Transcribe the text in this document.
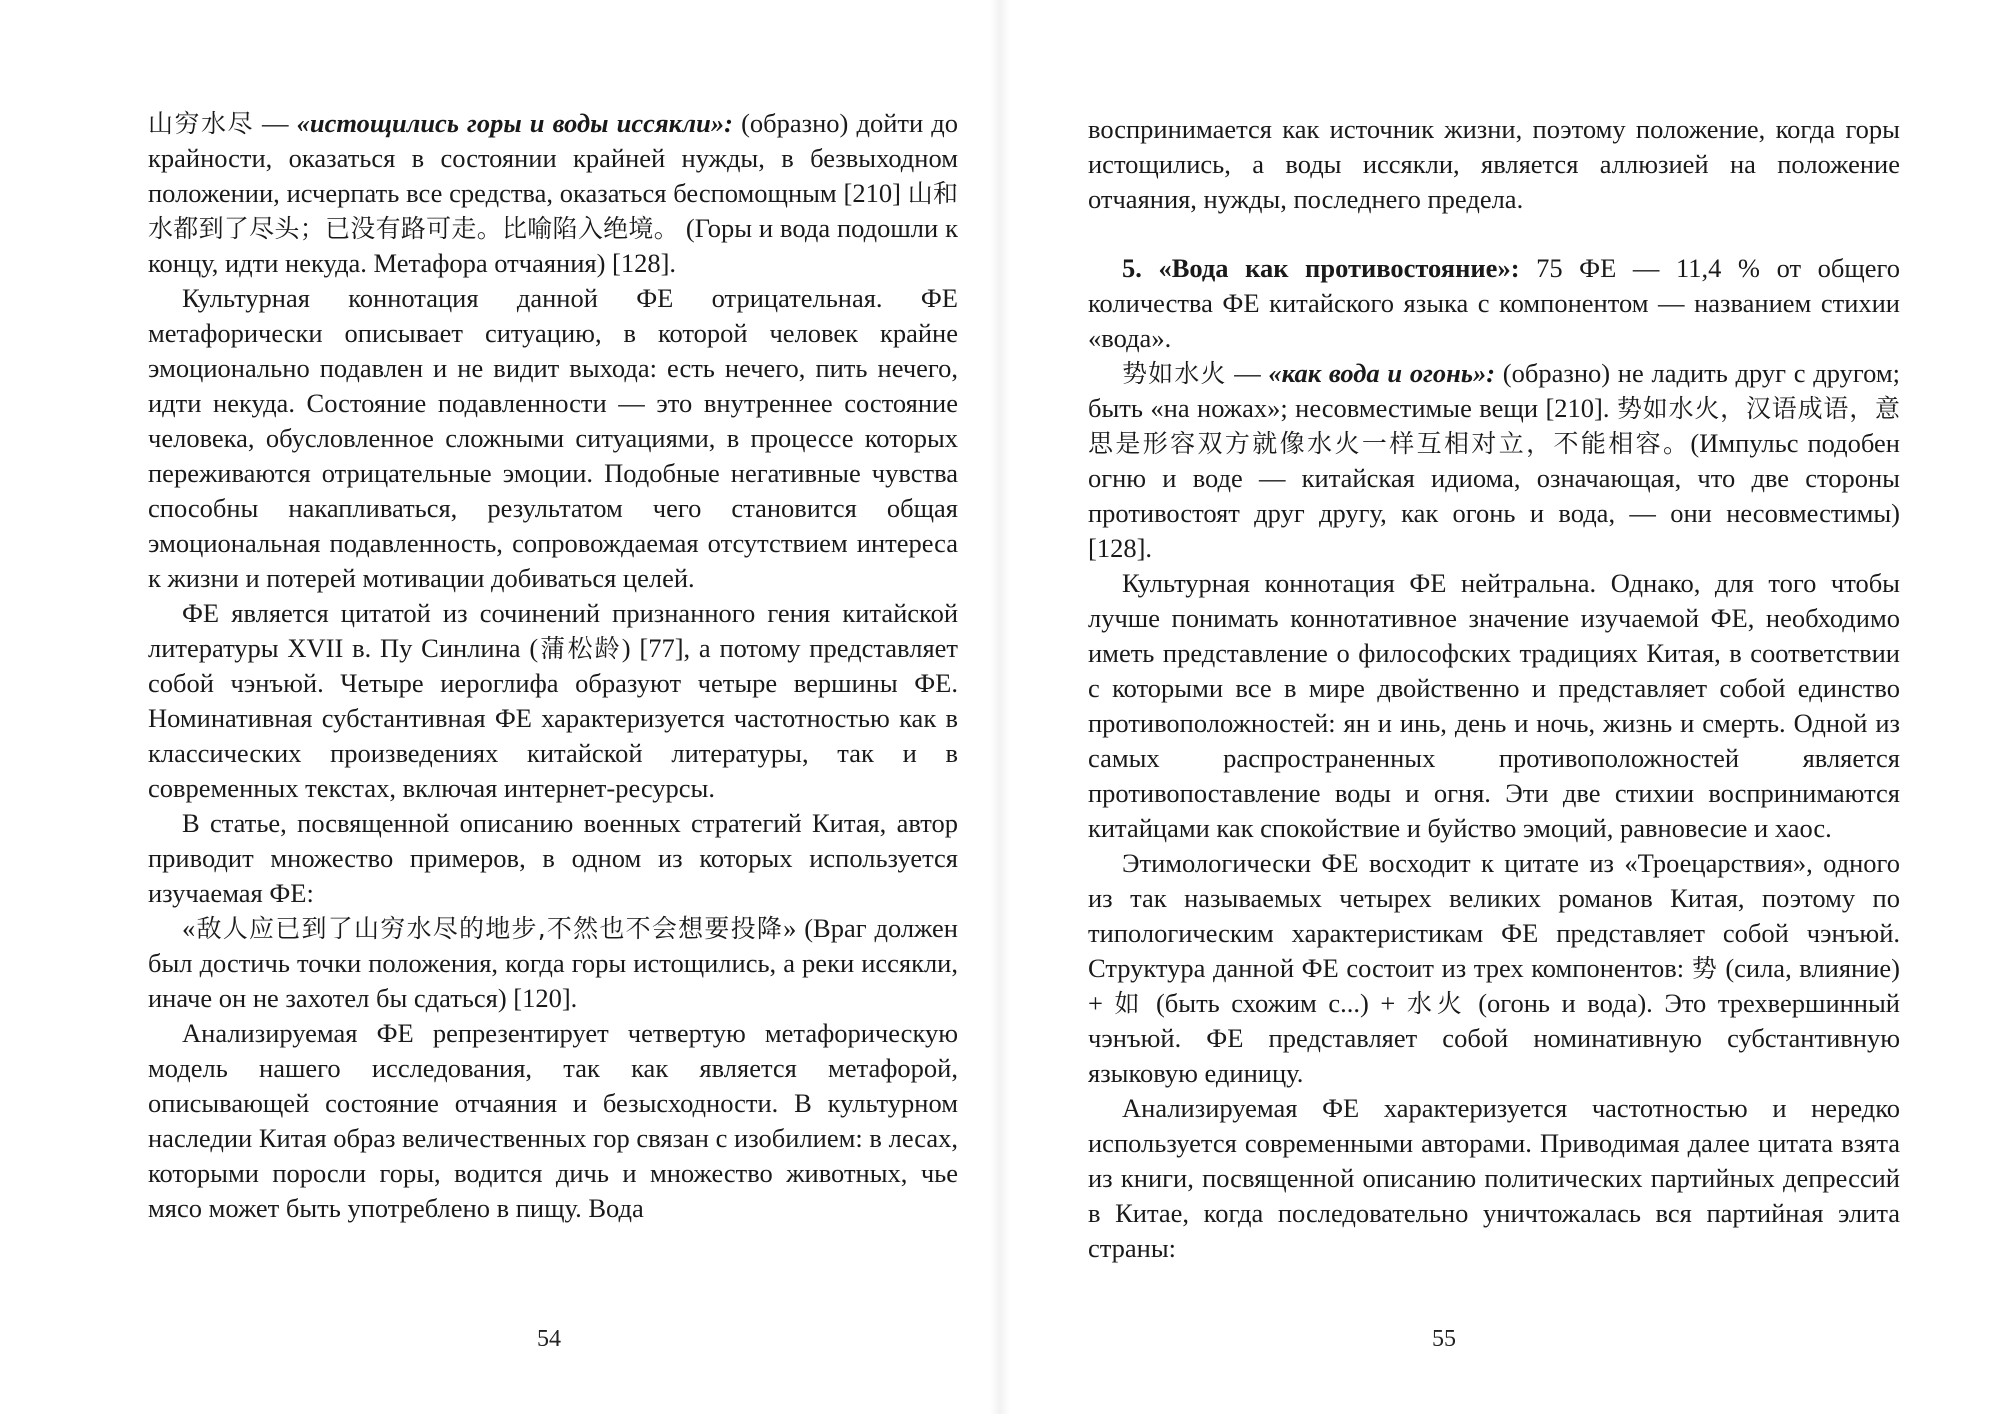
山穷水尽 — «истощились горы и воды иссякли»: (образно) дойти до крайности, оказаться в состоянии крайней нужды, в безвыходном положении, исчерпать все средства, оказаться беспомощным [210] 山和水都到了尽头；已没有路可走。比喻陷入绝境。 (Горы и вода подошли к концу, идти некуда. Метафора отчаяния) [128].

Культурная коннотация данной ФЕ отрицательная. ФЕ метафорически описывает ситуацию, в которой человек крайне эмоционально подавлен и не видит выхода: есть нечего, пить нечего, идти некуда. Состояние подавленности — это внутреннее состояние человека, обусловленное сложными ситуациями, в процессе которых переживаются отрицательные эмоции. Подобные негативные чувства способны накапливаться, результатом чего становится общая эмоциональная подавленность, сопровождаемая отсутствием интереса к жизни и потерей мотивации добиваться целей.

ФЕ является цитатой из сочинений признанного гения китайской литературы XVII в. Пу Синлина (蒲松龄) [77], а потому представляет собой чэнъюй. Четыре иероглифа образуют четыре вершины ФЕ. Номинативная субстантивная ФЕ характеризуется частотностью как в классических произведениях китайской литературы, так и в современных текстах, включая интернет-ресурсы.

В статье, посвященной описанию военных стратегий Китая, автор приводит множество примеров, в одном из которых используется изучаемая ФЕ:

«敌人应已到了山穷水尽的地步,不然也不会想要投降» (Враг должен был достичь точки положения, когда горы истощились, а реки иссякли, иначе он не захотел бы сдаться) [120].

Анализируемая ФЕ репрезентирует четвертую метафорическую модель нашего исследования, так как является метафорой, описывающей состояние отчаяния и безысходности. В культурном наследии Китая образ величественных гор связан с изобилием: в лесах, которыми поросли горы, водится дичь и множество животных, чье мясо может быть употреблено в пищу. Вода

54

воспринимается как источник жизни, поэтому положение, когда горы истощились, а воды иссякли, является аллюзией на положение отчаяния, нужды, последнего предела.

5. «Вода как противостояние»: 75 ФЕ — 11,4 % от общего количества ФЕ китайского языка с компонентом — названием стихии «вода».

势如水火 — «как вода и огонь»: (образно) не ладить друг с другом; быть «на ножах»; несовместимые вещи [210]. 势如水火，汉语成语，意思是形容双方就像水火一样互相对立，不能相容。(Импульс подобен огню и воде — китайская идиома, означающая, что две стороны противостоят друг другу, как огонь и вода, — они несовместимы) [128].

Культурная коннотация ФЕ нейтральна. Однако, для того чтобы лучше понимать коннотативное значение изучаемой ФЕ, необходимо иметь представление о философских традициях Китая, в соответствии с которыми все в мире двойственно и представляет собой единство противоположностей: ян и инь, день и ночь, жизнь и смерть. Одной из самых распространенных противоположностей является противопоставление воды и огня. Эти две стихии воспринимаются китайцами как спокойствие и буйство эмоций, равновесие и хаос.

Этимологически ФЕ восходит к цитате из «Троецарствия», одного из так называемых четырех великих романов Китая, поэтому по типологическим характеристикам ФЕ представляет собой чэнъюй. Структура данной ФЕ состоит из трех компонентов: 势 (сила, влияние) + 如 (быть схожим с...) + 水火 (огонь и вода). Это трехвершинный чэнъюй. ФЕ представляет собой номинативную субстантивную языковую единицу.

Анализируемая ФЕ характеризуется частотностью и нередко используется современными авторами. Приводимая далее цитата взята из книги, посвященной описанию политических партийных депрессий в Китае, когда последовательно уничтожалась вся партийная элита страны:

55
